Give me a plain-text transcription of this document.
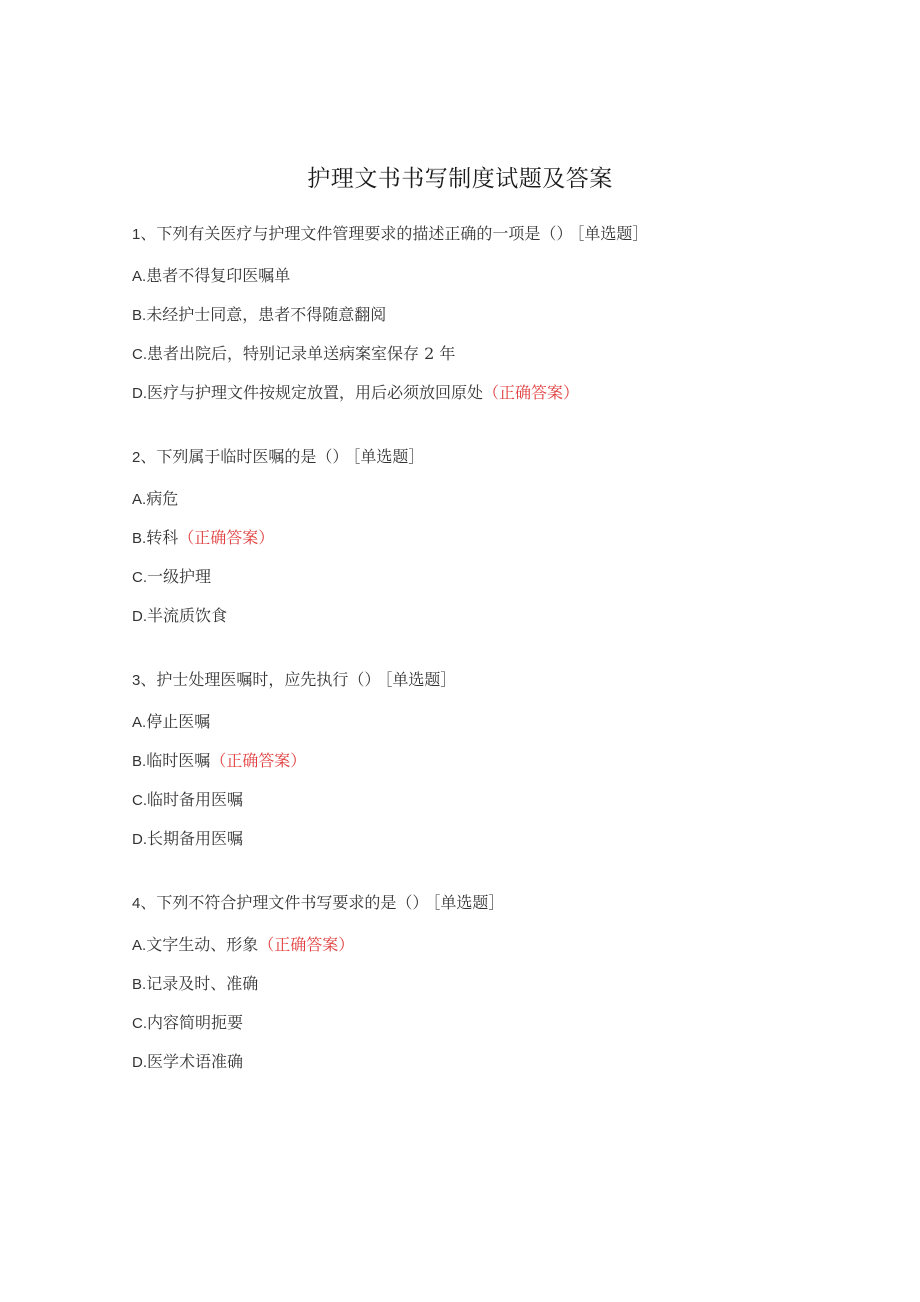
护理文书书写制度试题及答案
1、下列有关医疗与护理文件管理要求的描述正确的一项是（） ［单选题］
A.患者不得复印医嘱单
B.未经护士同意，患者不得随意翻阅
C.患者出院后，特别记录单送病案室保存 2 年
D.医疗与护理文件按规定放置，用后必须放回原处（正确答案）
2、下列属于临时医嘱的是（） ［单选题］
A.病危
B.转科（正确答案）
C.一级护理
D.半流质饮食
3、护士处理医嘱时，应先执行（） ［单选题］
A.停止医嘱
B.临时医嘱（正确答案）
C.临时备用医嘱
D.长期备用医嘱
4、下列不符合护理文件书写要求的是（） ［单选题］
A.文字生动、形象（正确答案）
B.记录及时、准确
C.内容简明扼要
D.医学术语准确
